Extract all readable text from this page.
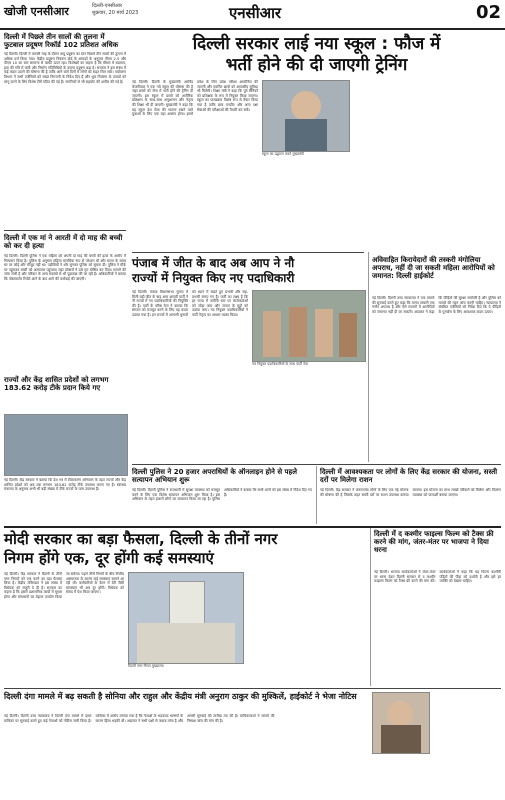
खोजी एनसीआर	दिल्ली-एनसीआर
शुक्रवार, 20 मार्च 2023	एनसीआर	02
दिल्ली में पिछले तीन सालों की तुलना में फुटबाल प्रदूषण रिकॉर्ड 102 प्रतिशत अधिक
नई दिल्ली। दिल्ली में फरवरी माह के दौरान वायु प्रदूषण का स्तर पिछले तीन सालों की तुलना में अधिक दर्ज किया गया। केंद्रीय प्रदूषण नियंत्रण बोर्ड के आंकड़ों के अनुसार पीएम 2.5 और पीएम 10 का स्तर सामान्य से काफी ऊपर रहा। विशेषज्ञों का कहना है कि मौसम में बदलाव, हवा की गति में कमी और निर्माण गतिविधियों के कारण प्रदूषण बढ़ा है। सरकार ने इस संबंध में कई कदम उठाने की घोषणा की है ताकि आने वाले दिनों में लोगों को राहत मिल सके। पर्यावरण विभाग ने सभी एजेंसियों को सख्त निगरानी के निर्देश दिए हैं और धूल नियंत्रण के उपायों को लागू करने के लिए विशेष टीमें गठित की गई हैं। नागरिकों से भी सहयोग की अपील की गई है।
दिल्ली में एक मां ने आरती में दो माह की बच्ची को कर दी हत्या
नई दिल्ली। दिल्ली पुलिस ने एक महिला को अपनी दो माह की बच्ची की हत्या के आरोप में गिरफ्तार किया है। पुलिस के अनुसार महिला मानसिक रूप से परेशान थी और घटना के समय घर पर कोई और मौजूद नहीं था। पड़ोसियों ने शोर सुनकर पुलिस को सूचना दी। पुलिस ने मौके पर पहुंचकर बच्ची को अस्पताल पहुंचाया जहां डॉक्टरों ने उसे मृत घोषित कर दिया। मामले की जांच जारी है और परिवार के अन्य सदस्यों से भी पूछताछ की जा रही है। अधिकारियों ने बताया कि पोस्टमार्टम रिपोर्ट आने के बाद आगे की कार्रवाई की जाएगी।
राज्यों और केंद्र शासित प्रदेशों को लगभग 183.62 करोड़ टीके प्रदान किये गए
नई दिल्ली। केंद्र सरकार ने बताया कि देश भर में टीकाकरण अभियान के तहत राज्यों और केंद्र शासित प्रदेशों को अब तक लगभग 183.62 करोड़ टीके उपलब्ध कराए गए हैं। स्वास्थ्य मंत्रालय के अनुसार अभी भी बड़ी संख्या में टीके राज्यों के पास उपलब्ध हैं।
दिल्ली सरकार लाई नया स्कूल : फौज में
भर्ती होने की दी जाएगी ट्रेनिंग
नई दिल्ली। दिल्ली के मुख्यमंत्री अरविंद केजरीवाल ने एक नये स्कूल की घोषणा की है जहां छात्रों को सेना में भर्ती होने की ट्रेनिंग दी जाएगी। इस स्कूल में छात्रों को शारीरिक प्रशिक्षण के साथ-साथ अनुशासन और नेतृत्व की शिक्षा भी दी जाएगी। मुख्यमंत्री ने कहा कि यह स्कूल देश सेवा की भावना रखने वाले युवाओं के लिए एक बड़ा अवसर होगा। इसमें प्रवेश के लिए प्रवेश परीक्षा आयोजित की जाएगी और चयनित छात्रों को आवासीय सुविधा भी मिलेगी। शिक्षा मंत्री ने कहा कि पूर्व सैनिकों को प्रशिक्षक के रूप में नियुक्त किया जाएगा। स्कूल का पाठ्यक्रम विशेष रूप से तैयार किया गया है ताकि छात्र एनडीए और अन्य रक्षा सेवाओं की परीक्षाओं की तैयारी कर सकें।
स्कूल का उद्घाटन करते मुख्यमंत्री
पंजाब में जीत के बाद अब आप ने नौ
राज्यों में नियुक्त किए नए पदाधिकारी
नई दिल्ली। पंजाब विधानसभा चुनाव में मिली बड़ी जीत के बाद आम आदमी पार्टी ने नौ राज्यों में नए पदाधिकारियों की नियुक्ति की है। पार्टी के वरिष्ठ नेता ने बताया कि संगठन को मजबूत करने के लिए यह कदम उठाया गया है। इन राज्यों में आगामी चुनावों को ध्यान में रखते हुए प्रभारी और सह-प्रभारी बनाए गए हैं। पार्टी का लक्ष्य है कि हर राज्य में जमीनी स्तर पर कार्यकर्ताओं को जोड़ा जाए और जनता के मुद्दों को उठाया जाए। नव नियुक्त पदाधिकारियों ने पार्टी नेतृत्व का आभार व्यक्त किया।
नव नियुक्त पदाधिकारियों के साथ पार्टी नेता
अविवाहित किरायेदारों की तस्करी मंगोलिया अपराध, नहीं दी जा सकती महिला आरोपियों को जमानत: दिल्ली हाईकोर्ट
नई दिल्ली। दिल्ली उच्च न्यायालय ने एक मामले की सुनवाई करते हुए कहा कि मानव तस्करी एक गंभीर अपराध है और ऐसे मामलों में आरोपियों को जमानत नहीं दी जा सकती। अदालत ने कहा कि पीड़ितों की सुरक्षा सर्वोपरि है और पुलिस को मामले की गहन जांच करनी चाहिए। न्यायालय ने संबंधित एजेंसियों को निर्देश दिए कि वे पीड़ितों के पुनर्वास के लिए आवश्यक कदम उठाएं।
दिल्ली पुलिस ने 20 हजार अपराधियों के ऑनलाइन होने से पहले सत्यापन अभियान शुरू
नई दिल्ली। दिल्ली पुलिस ने राजधानी में सुरक्षा व्यवस्था को मजबूत करने के लिए एक विशेष सत्यापन अभियान शुरू किया है। इस अभियान के तहत हजारों लोगों का सत्यापन किया जा रहा है। पुलिस अधिकारियों ने बताया कि सभी थानों को इस संबंध में निर्देश दिए गए हैं।
दिल्ली में आवश्यकता पर लोगों के लिए केंद्र सरकार की योजना, सस्ती दरों पर मिलेगा राशन
नई दिल्ली। केंद्र सरकार ने जरूरतमंद लोगों के लिए एक नई योजना की घोषणा की है जिसके तहत सस्ती दरों पर राशन उपलब्ध कराया जाएगा। इस योजना का लाभ लाखों परिवारों को मिलेगा और वितरण व्यवस्था को पारदर्शी बनाया जाएगा।
मोदी सरकार का बड़ा फैसला, दिल्ली के तीनों नगर
निगम होंगे एक, दूर होंगी कई समस्याएं
नई दिल्ली। केंद्र सरकार ने दिल्ली के तीनों नगर निगमों को एक करने का बड़ा फैसला लिया है। केंद्रीय मंत्रिमंडल ने इस संबंध में विधेयक को मंजूरी दे दी है। सरकार का कहना है कि इससे प्रशासनिक कार्यों में सुधार होगा और संसाधनों का बेहतर उपयोग किया जा सकेगा। पहले तीनों निगमों के बीच वित्तीय असमानता के कारण कई समस्याएं सामने आ रही थीं। कर्मचारियों के वेतन में देरी जैसी समस्याएं भी अब दूर होंगी। विधेयक को संसद में पेश किया जाएगा।
दिल्ली नगर निगम मुख्यालय
दिल्ली में द कश्मीर फाइल्स फिल्म को टैक्स फ्री करने की मांग, जंतर-मंतर पर भाजपा ने दिया धरना
नई दिल्ली। भाजपा कार्यकर्ताओं ने जंतर-मंतर पर धरना देकर दिल्ली सरकार से द कश्मीर फाइल्स फिल्म को टैक्स फ्री करने की मांग की। कार्यकर्ताओं ने कहा कि यह फिल्म कश्मीरी पंडितों की पीड़ा को दर्शाती है और इसे हर व्यक्ति को देखना चाहिए।
दिल्ली दंगा मामले में बढ़ सकती है सोनिया और राहुल और केंद्रीय मंत्री अनुराग ठाकुर की मुश्किलें, हाईकोर्ट ने भेजा नोटिस
नई दिल्ली। दिल्ली उच्च न्यायालय ने दिल्ली दंगा मामले में दायर याचिका पर सुनवाई करते हुए कई नेताओं को नोटिस जारी किया है। याचिका में आरोप लगाया गया है कि नेताओं के भड़काऊ भाषणों के कारण हिंसा भड़की थी। अदालत ने सभी पक्षों से जवाब मांगा है और अगली सुनवाई की तारीख तय की है। याचिकाकर्ता ने मामले की निष्पक्ष जांच की मांग की है।
